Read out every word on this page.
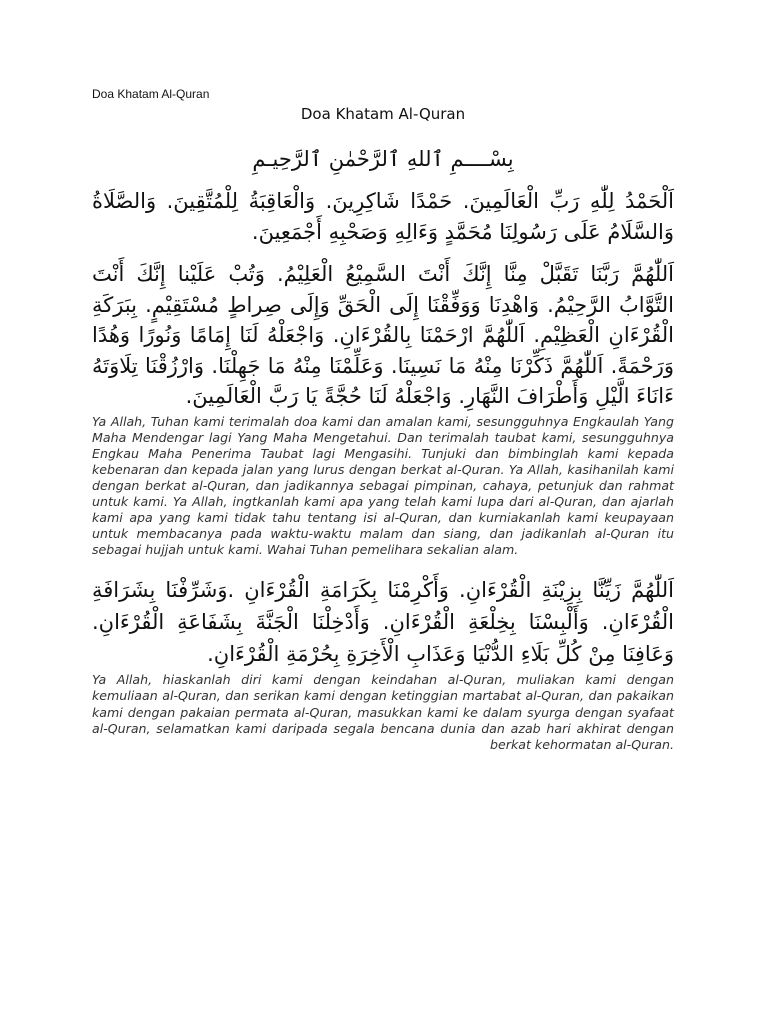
Doa Khatam Al-Quran
Doa Khatam Al-Quran
بِسْــــمِ ٱللهِ ٱلرَّحْمٰنِ ٱلرَّحِيـمِ

اَلْحَمْدُ لِلّٰهِ رَبِّ الْعَالَمِينَ. حَمْدًا شَاكِرِينَ. وَالْعَاقِبَةُ لِلْمُتَّقِينَ. وَالصَّلَاةُ وَالسَّلَامُ عَلَى رَسُولِنَا مُحَمَّدٍ وَءَالِهِ وَصَحْبِهِ أَجْمَعِينَ.

اَللّٰهُمَّ رَبَّنَا تَقَبَّلْ مِنَّا إِنَّكَ أَنْتَ السَّمِيْعُ الْعَلِيْمُ. وَتُبْ عَلَيْنا إِنَّكَ أَنْتَ التَّوَّابُ الرَّحِيْمُ. وَاهْدِنَا وَوَفِّقْنَا إِلَى الْحَقِّ وَإِلَى صِراطٍ مُسْتَقِيْمٍ. بِبَرَكَةِ الْقُرْءَانِ الْعَظِيْمِ. اَللّٰهُمَّ ارْحَمْنَا بِالقُرْءَانِ. وَاجْعَلْهُ لَنَا إِمَامًا وَنُورًا وَهُدًا وَرَحْمَةً. اَللّٰهُمَّ ذَكِّرْنَا مِنْهُ مَا نَسِينَا. وَعَلِّمْنَا مِنْهُ مَا جَهِلْنَا. وَارْزُقْنَا تِلَاوَتَهُ ءَانَاءَ الَّيْلِ وَأَطْرَافَ النَّهَارِ. وَاجْعَلْهُ لَنَا حُجَّةً يَا رَبَّ الْعَالَمِينَ.

Ya Allah, Tuhan kami terimalah doa kami dan amalan kami, sesungguhnya Engkaulah Yang Maha Mendengar lagi Yang Maha Mengetahui. Dan terimalah taubat kami, sesungguhnya Engkau Maha Penerima Taubat lagi Mengasihi. Tunjuki dan bimbinglah kami kepada kebenaran dan kepada jalan yang lurus dengan berkat al-Quran. Ya Allah, kasihanilah kami dengan berkat al-Quran, dan jadikannya sebagai pimpinan, cahaya, petunjuk dan rahmat untuk kami. Ya Allah, ingtkanlah kami apa yang telah kami lupa dari al-Quran, dan ajarlah kami apa yang kami tidak tahu tentang isi al-Quran, dan kurniakanlah kami keupayaan untuk membacanya pada waktu-waktu malam dan siang, dan jadikanlah al-Quran itu sebagai hujjah untuk kami. Wahai Tuhan pemelihara sekalian alam.

اَللّٰهُمَّ زَيِّنَّا بِزِيْنَةِ الْقُرْءَانِ. وَأَكْرِمْنَا بِكَرَامَةِ الْقُرْءَانِ .وَشَرِّفْنَا بِشَرَافَةِ الْقُرْءَانِ. وَأَلْبِسْنَا بِخِلْعَةِ الْقُرْءَانِ. وَأَدْخِلْنَا الْجَنَّةَ بِشَفَاعَةِ الْقُرْءَانِ. وَعَافِنَا مِنْ كُلِّ بَلَاءِ الدُّنْيَا وَعَذَابِ الْأَخِرَةِ بِحُرْمَةِ الْقُرْءَانِ.

Ya Allah, hiaskanlah diri kami dengan keindahan al-Quran, muliakan kami dengan kemuliaan al-Quran, dan serikan kami dengan ketinggian martabat al-Quran, dan pakaikan kami dengan pakaian permata al-Quran, masukkan kami ke dalam syurga dengan syafaat al-Quran, selamatkan kami daripada segala bencana dunia dan azab hari akhirat dengan berkat kehormatan al-Quran.
